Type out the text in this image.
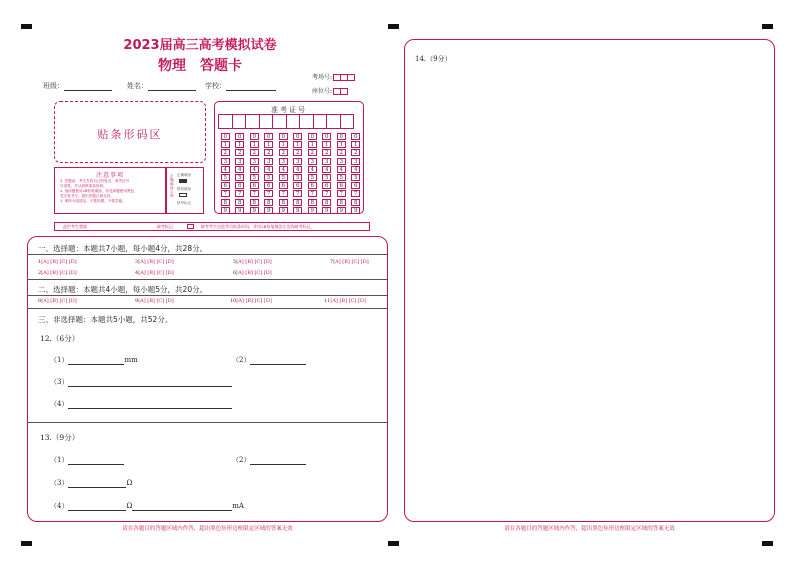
2023届高三高考模拟试卷
物理　答题卡
班级：	姓名：	学校：
考场号:
座位号:
贴条形码区
注意事项
1. 答题前，考生先将自己的姓名、准考证号
写清楚，并认真核准条形码。
2. 选择题使用2B铅笔填涂，非选择题使用黑色
签字笔书写，超出答题区域无效。
3. 保持卡面清洁，不要折叠，不要弄破。
正确填涂示例
正确填涂
错误填涂
缺考标记
准考证号
0	0	0	0	0	0	0	0	0	0
1	1	1	1	1	1	1	1	1	1
2	2	2	2	2	2	2	2	2	2
3	3	3	3	3	3	3	3	3	3
4	4	4	4	4	4	4	4	4	4
5	5	5	5	5	5	5	5	5	5
6	6	6	6	6	6	6	6	6	6
7	7	7	7	7	7	7	7	7	7
8	8	8	8	8	8	8	8	8	8
9	9	9	9	9	9	9	9	9	9
此栏考生禁填	缺考标记	缺考考生由监考员贴条形码，并用2B铅笔填涂左边的缺考标记。
一、选择题：本题共7小题，每小题4分，共28分。
1[A] [B] [C] [D]	3[A] [B] [C] [D]	5[A] [B] [C] [D]	7[A] [B] [C] [D]
2[A] [B] [C] [D]	4[A] [B] [C] [D]	6[A] [B] [C] [D]
二、选择题：本题共4小题，每小题5分，共20分。
8[A] [B] [C] [D]	9[A] [B] [C] [D]	10[A] [B] [C] [D]	11[A] [B] [C] [D]
三、非选择题：本题共5小题，共52分。
12.（6分）
（1）	mm	（2）
（3）
（4）
13.（9分）
（1）	（2）
（3）	Ω
（4）	Ω	mA
请在各题目的答题区域内作答，超出黑色矩形边框限定区域的答案无效
14.（9分）
请在各题目的答题区域内作答，超出黑色矩形边框限定区域的答案无效
